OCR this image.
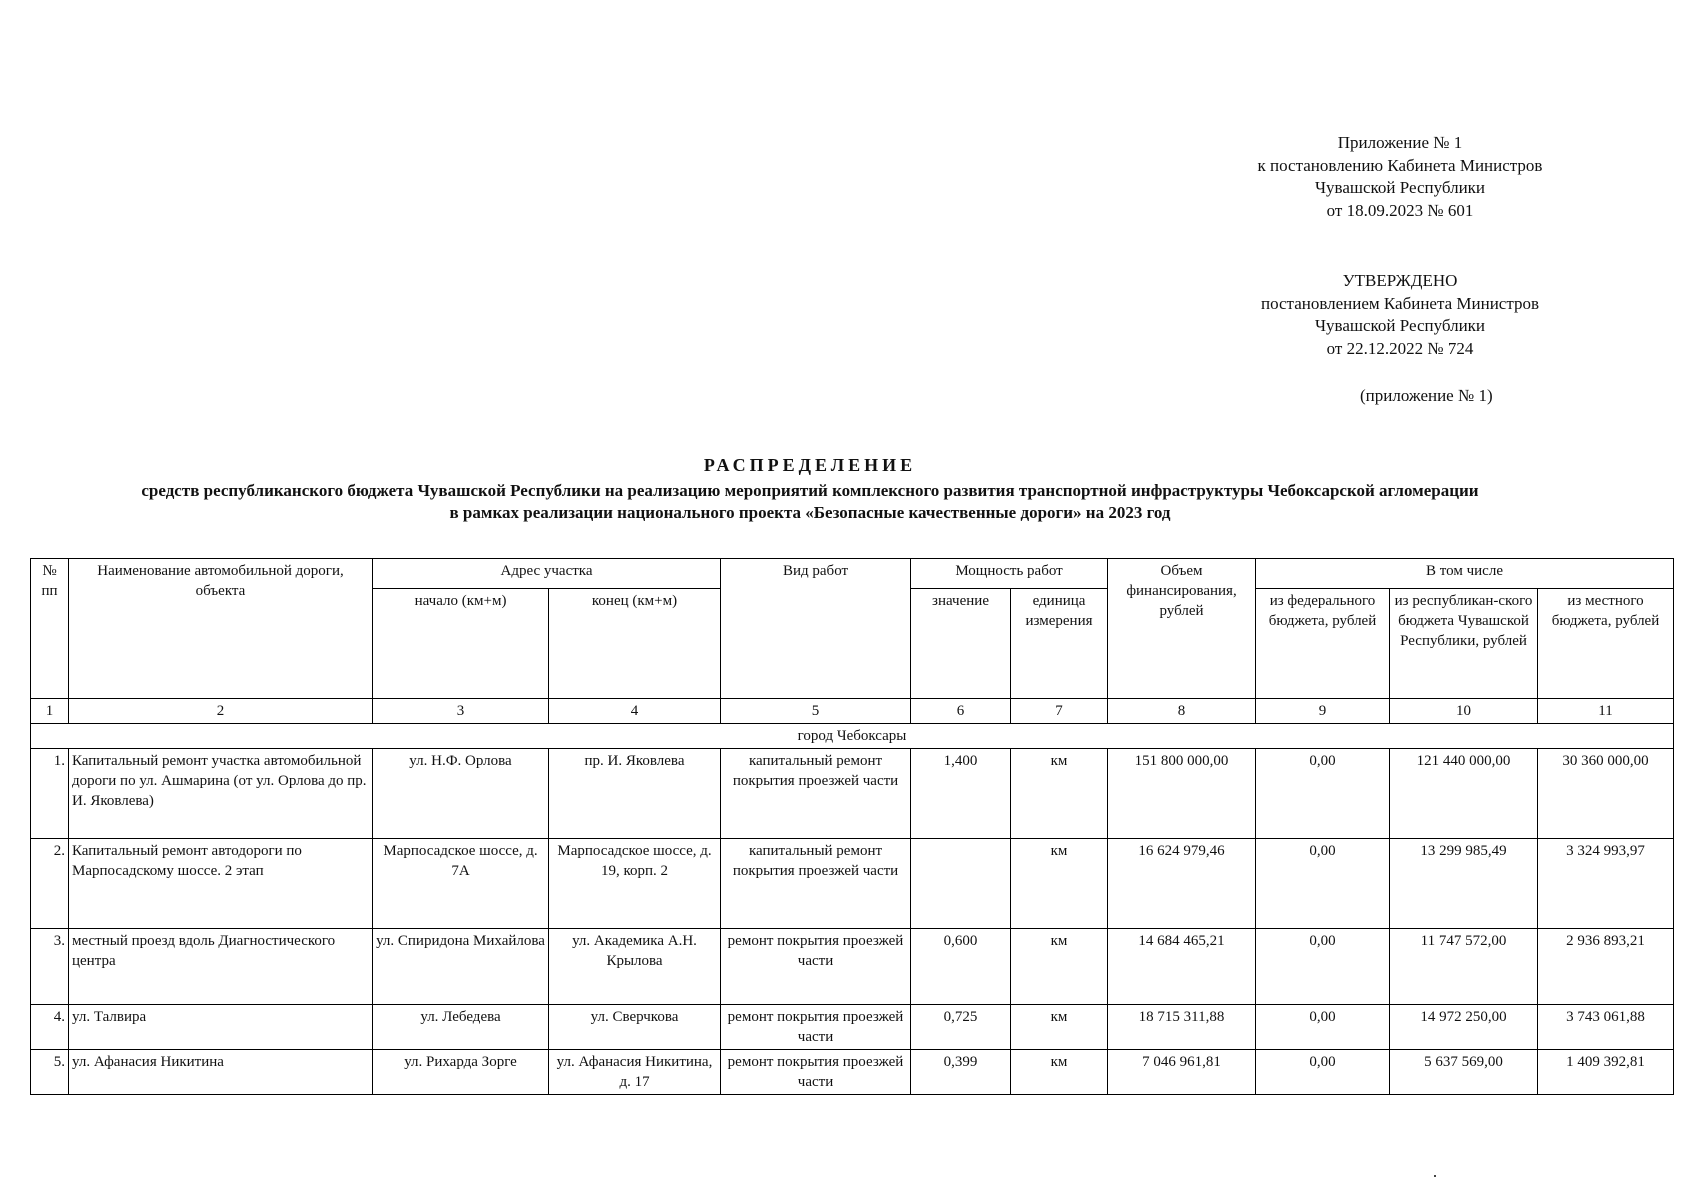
Приложение № 1
к постановлению Кабинета Министров
Чувашской Республики
от 18.09.2023 № 601
УТВЕРЖДЕНО
постановлением Кабинета Министров
Чувашской Республики
от 22.12.2022 № 724
(приложение № 1)
РАСПРЕДЕЛЕНИЕ
средств республиканского бюджета Чувашской Республики на реализацию мероприятий комплексного развития транспортной инфраструктуры Чебоксарской агломерации
в рамках реализации национального проекта «Безопасные качественные дороги» на 2023 год
№ пп	Наименование автомобильной дороги, объекта	Адрес участка		Вид работ	Мощность работ		Объем финансирования, рублей	В том числе		
		начало (км+м)	конец (км+м)		значение	единица измерения		из федерального бюджета, рублей	из республикан-ского бюджета Чувашской Республики, рублей	из местного бюджета, рублей
1	2	3	4	5	6	7	8	9	10	11
город Чебоксары										
1.	Капитальный ремонт участка автомобильной дороги по ул. Ашмарина (от ул. Орлова до пр. И. Яковлева)	ул. Н.Ф. Орлова	пр. И. Яковлева	капитальный ремонт покрытия проезжей части	1,400	км	151 800 000,00	0,00	121 440 000,00	30 360 000,00
2.	Капитальный ремонт автодороги по Марпосадскому шоссе. 2 этап	Марпосадское шоссе, д. 7А	Марпосадское шоссе, д. 19, корп. 2	капитальный ремонт покрытия проезжей части		км	16 624 979,46	0,00	13 299 985,49	3 324 993,97
3.	местный проезд вдоль Диагностического центра	ул. Спиридона Михайлова	ул. Академика А.Н. Крылова	ремонт покрытия проезжей части	0,600	км	14 684 465,21	0,00	11 747 572,00	2 936 893,21
4.	ул. Талвира	ул. Лебедева	ул. Сверчкова	ремонт покрытия проезжей части	0,725	км	18 715 311,88	0,00	14 972 250,00	3 743 061,88
5.	ул. Афанасия Никитина	ул. Рихарда Зорге	ул. Афанасия Никитина, д. 17	ремонт покрытия проезжей части	0,399	км	7 046 961,81	0,00	5 637 569,00	1 409 392,81
